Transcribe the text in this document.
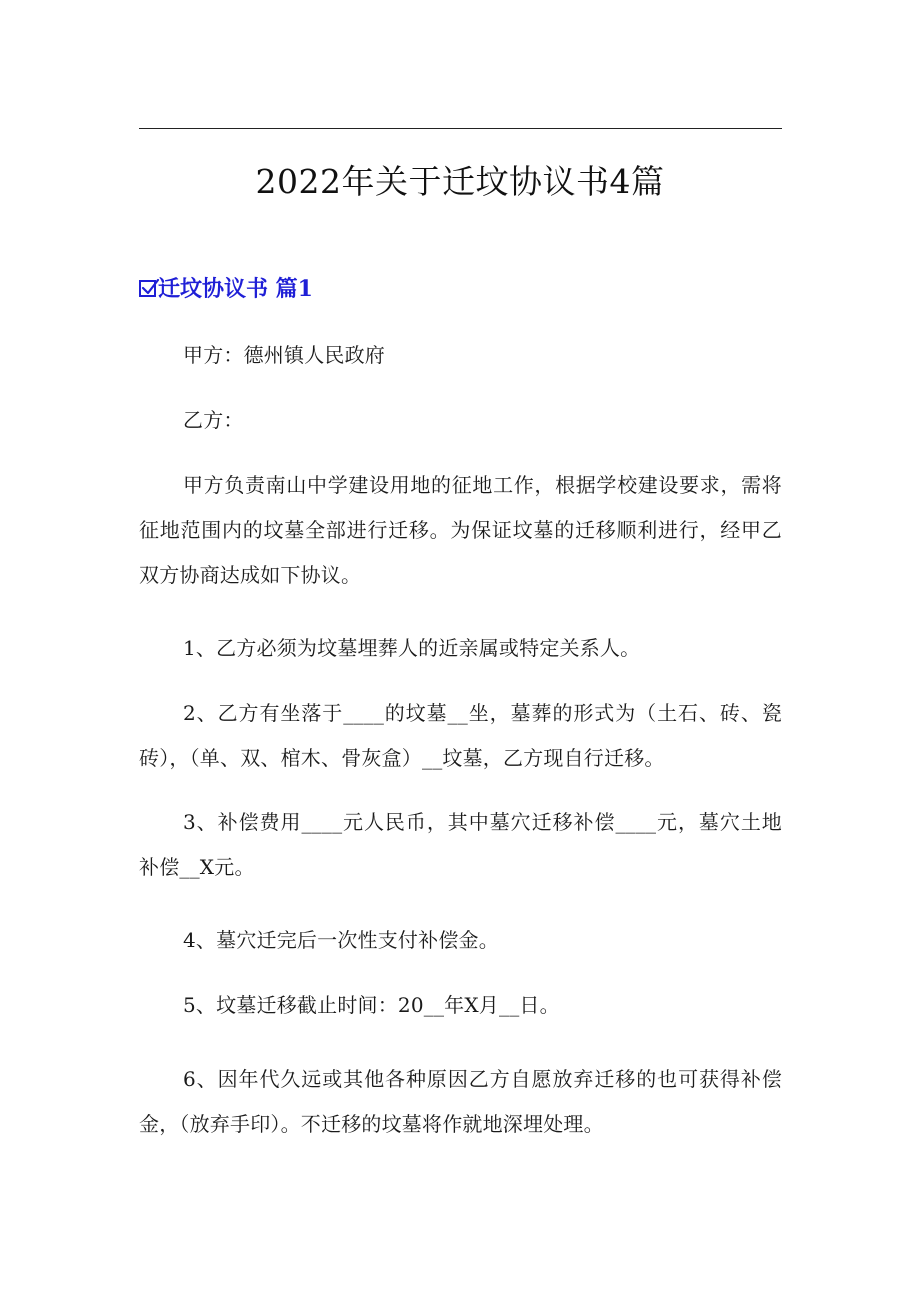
2022年关于迁坟协议书4篇
迁坟协议书 篇1

甲方：德州镇人民政府

乙方：

甲方负责南山中学建设用地的征地工作，根据学校建设要求，需将征地范围内的坟墓全部进行迁移。为保证坟墓的迁移顺利进行，经甲乙双方协商达成如下协议。

1、乙方必须为坟墓埋葬人的近亲属或特定关系人。

2、乙方有坐落于____的坟墓__坐，墓葬的形式为（土石、砖、瓷砖），（单、双、棺木、骨灰盒）__坟墓，乙方现自行迁移。

3、补偿费用____元人民币，其中墓穴迁移补偿____元，墓穴土地补偿__X元。

4、墓穴迁完后一次性支付补偿金。

5、坟墓迁移截止时间：20__年X月__日。

6、因年代久远或其他各种原因乙方自愿放弃迁移的也可获得补偿金，（放弃手印）。不迁移的坟墓将作就地深埋处理。
